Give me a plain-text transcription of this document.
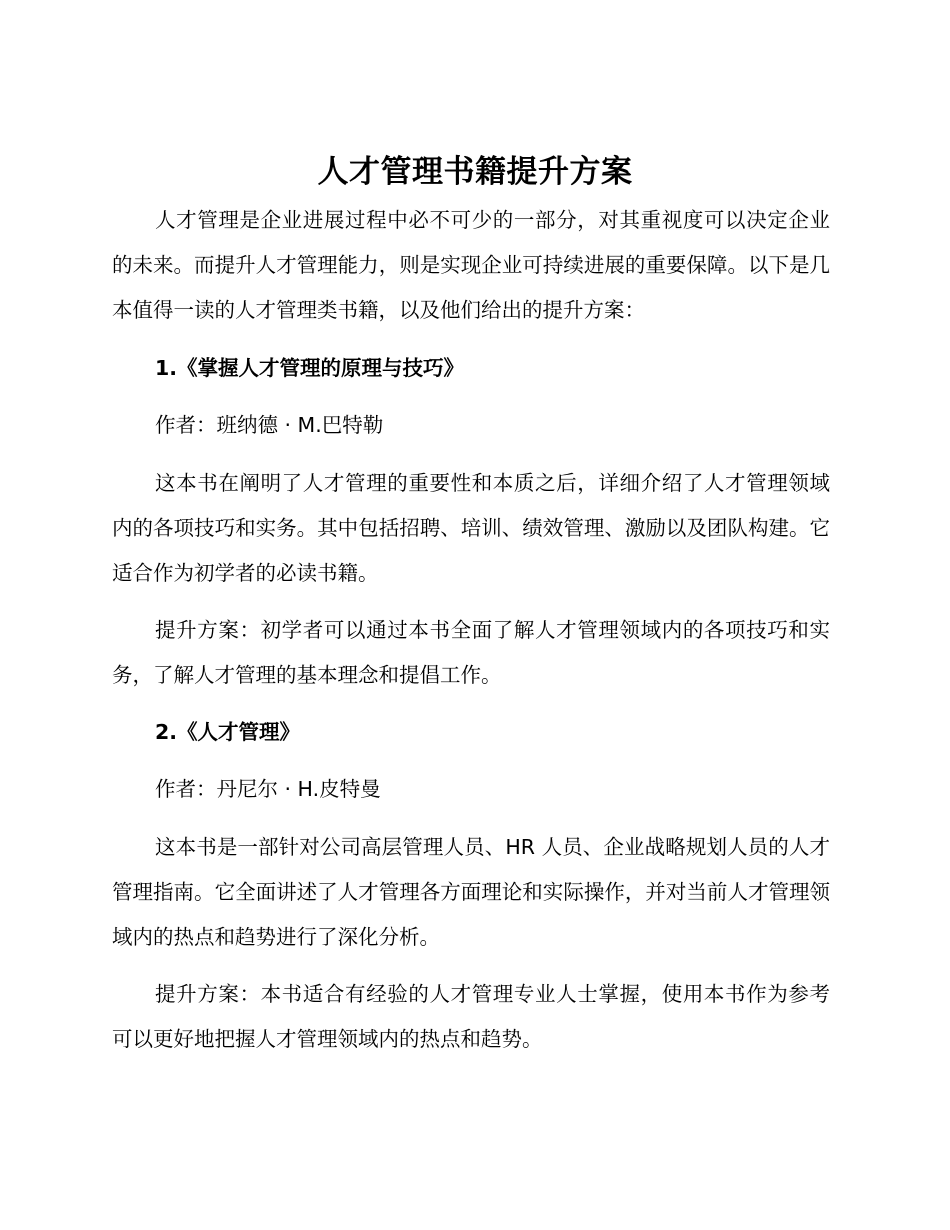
人才管理书籍提升方案

人才管理是企业进展过程中必不可少的一部分，对其重视度可以决定企业的未来。而提升人才管理能力，则是实现企业可持续进展的重要保障。以下是几本值得一读的人才管理类书籍，以及他们给出的提升方案：

1.《掌握人才管理的原理与技巧》

作者：班纳德 · M.巴特勒

这本书在阐明了人才管理的重要性和本质之后，详细介绍了人才管理领域内的各项技巧和实务。其中包括招聘、培训、绩效管理、激励以及团队构建。它适合作为初学者的必读书籍。

提升方案：初学者可以通过本书全面了解人才管理领域内的各项技巧和实务，了解人才管理的基本理念和提倡工作。

2.《人才管理》

作者：丹尼尔 · H.皮特曼

这本书是一部针对公司高层管理人员、HR 人员、企业战略规划人员的人才管理指南。它全面讲述了人才管理各方面理论和实际操作，并对当前人才管理领域内的热点和趋势进行了深化分析。

提升方案：本书适合有经验的人才管理专业人士掌握，使用本书作为参考可以更好地把握人才管理领域内的热点和趋势。
